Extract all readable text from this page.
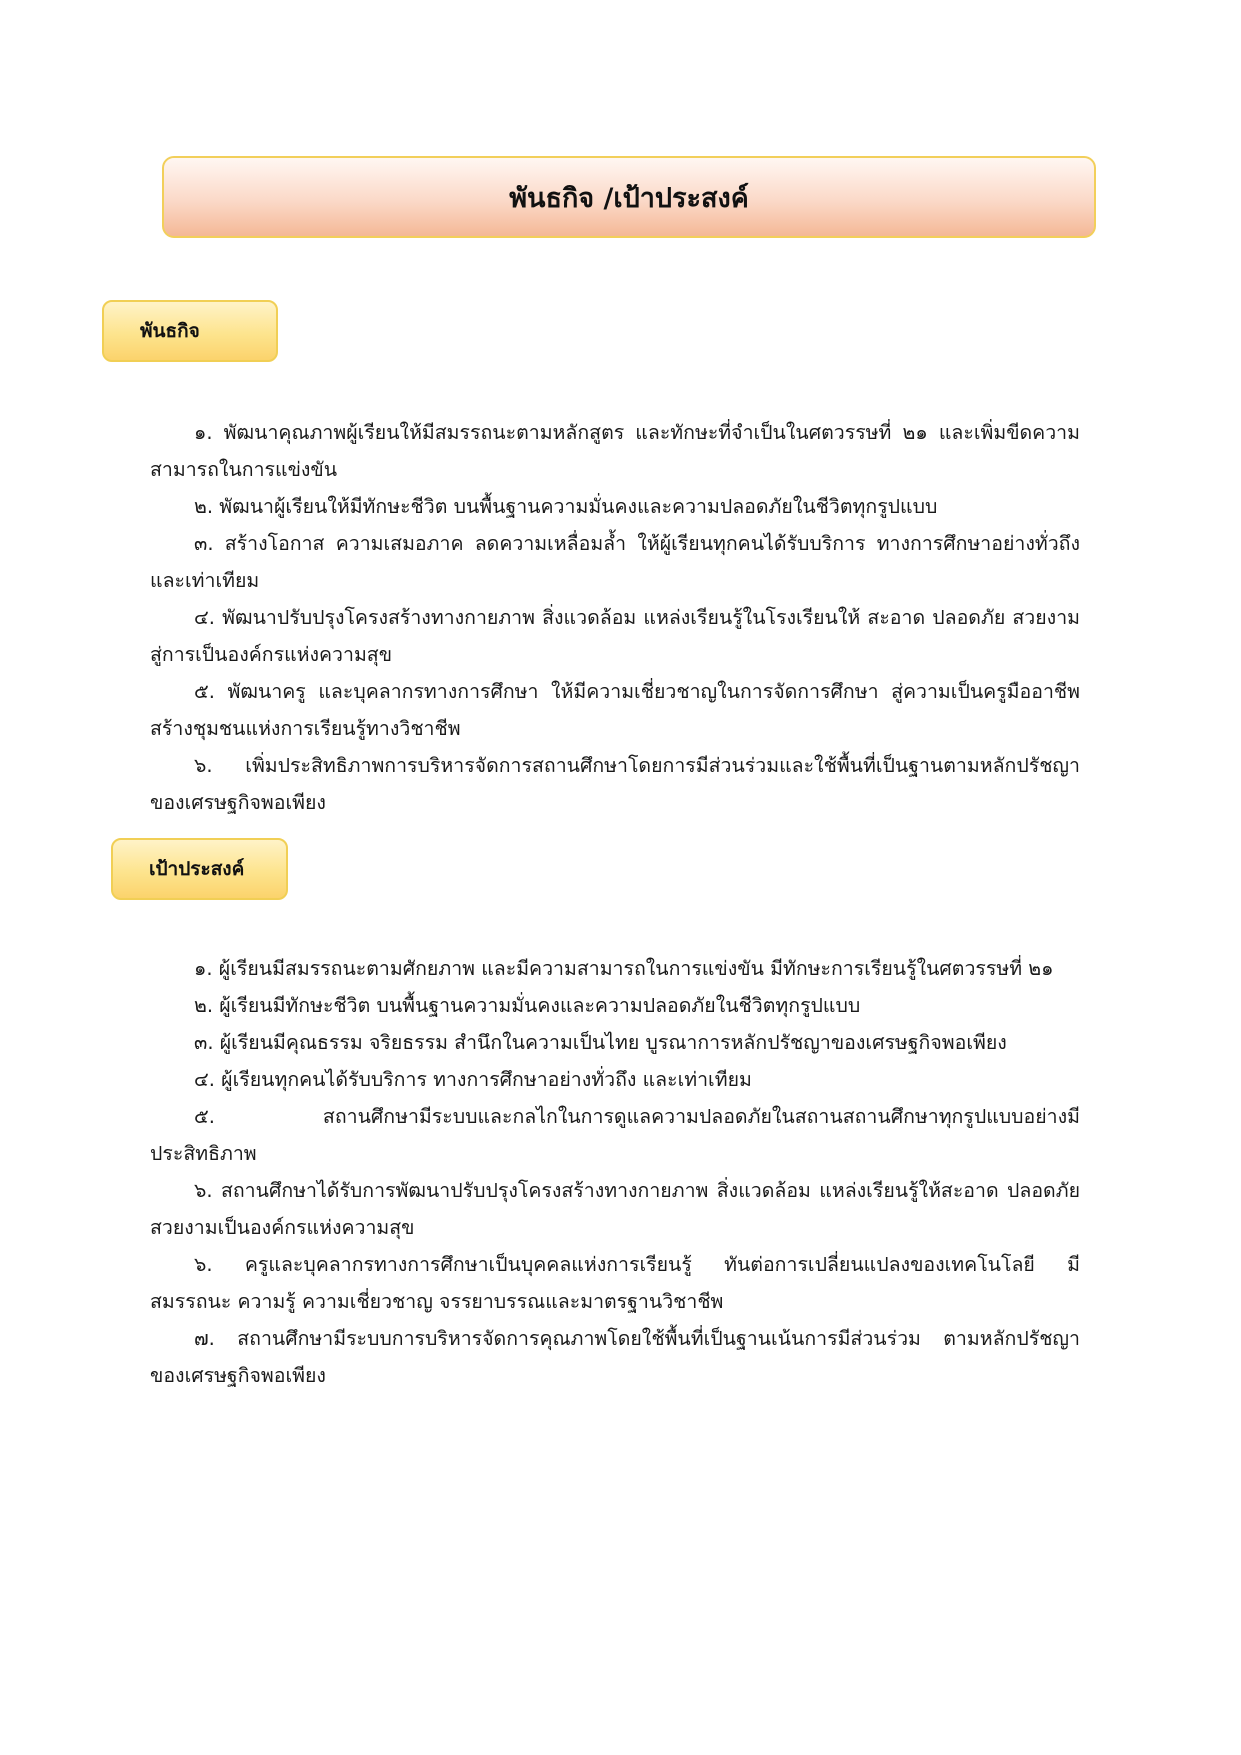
พันธกิจ /เป้าประสงค์
พันธกิจ

๑. พัฒนาคุณภาพผู้เรียนให้มีสมรรถนะตามหลักสูตร และทักษะที่จำเป็นในศตวรรษที่ ๒๑ และเพิ่มขีดความสามารถในการแข่งขัน

๒. พัฒนาผู้เรียนให้มีทักษะชีวิต บนพื้นฐานความมั่นคงและความปลอดภัยในชีวิตทุกรูปแบบ

๓. สร้างโอกาส ความเสมอภาค ลดความเหลื่อมล้ำ ให้ผู้เรียนทุกคนได้รับบริการ ทางการศึกษาอย่างทั่วถึง และเท่าเทียม

๔. พัฒนาปรับปรุงโครงสร้างทางกายภาพ สิ่งแวดล้อม แหล่งเรียนรู้ในโรงเรียนให้ สะอาด ปลอดภัย สวยงาม สู่การเป็นองค์กรแห่งความสุข

๕. พัฒนาครู และบุคลากรทางการศึกษา ให้มีความเชี่ยวชาญในการจัดการศึกษา สู่ความเป็นครูมืออาชีพ สร้างชุมชนแห่งการเรียนรู้ทางวิชาชีพ

๖. เพิ่มประสิทธิภาพการบริหารจัดการสถานศึกษาโดยการมีส่วนร่วมและใช้พื้นที่เป็นฐานตามหลักปรัชญาของเศรษฐกิจพอเพียง

เป้าประสงค์

๑. ผู้เรียนมีสมรรถนะตามศักยภาพ และมีความสามารถในการแข่งขัน มีทักษะการเรียนรู้ในศตวรรษที่ ๒๑

๒. ผู้เรียนมีทักษะชีวิต บนพื้นฐานความมั่นคงและความปลอดภัยในชีวิตทุกรูปแบบ

๓. ผู้เรียนมีคุณธรรม จริยธรรม สำนึกในความเป็นไทย บูรณาการหลักปรัชญาของเศรษฐกิจพอเพียง

๔. ผู้เรียนทุกคนได้รับบริการ ทางการศึกษาอย่างทั่วถึง และเท่าเทียม

๕. สถานศึกษามีระบบและกลไกในการดูแลความปลอดภัยในสถานสถานศึกษาทุกรูปแบบอย่างมีประสิทธิภาพ

๖. สถานศึกษาได้รับการพัฒนาปรับปรุงโครงสร้างทางกายภาพ สิ่งแวดล้อม แหล่งเรียนรู้ให้สะอาด ปลอดภัย สวยงามเป็นองค์กรแห่งความสุข

๖. ครูและบุคลากรทางการศึกษาเป็นบุคคลแห่งการเรียนรู้ ทันต่อการเปลี่ยนแปลงของเทคโนโลยี มีสมรรถนะ ความรู้ ความเชี่ยวชาญ จรรยาบรรณและมาตรฐานวิชาชีพ

๗. สถานศึกษามีระบบการบริหารจัดการคุณภาพโดยใช้พื้นที่เป็นฐานเน้นการมีส่วนร่วม ตามหลักปรัชญาของเศรษฐกิจพอเพียง
